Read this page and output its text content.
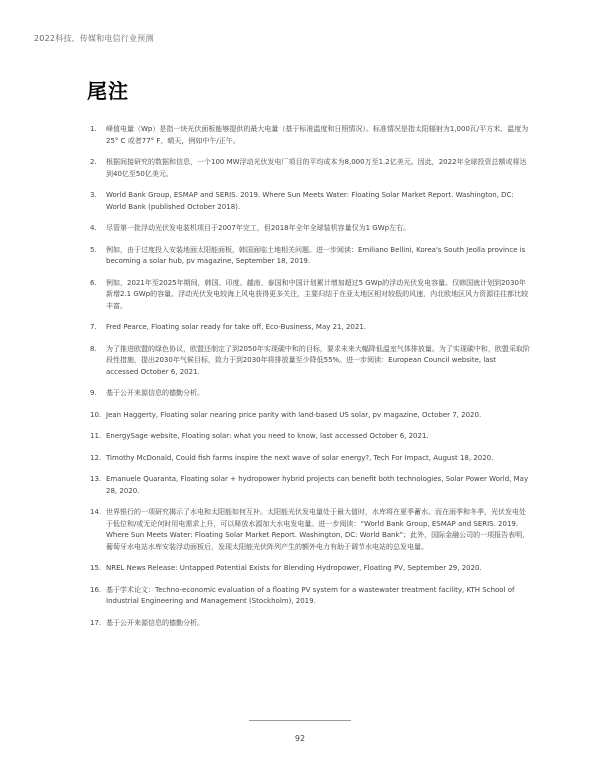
2022科技、传媒和电信行业预测
尾注
1.	峰值电量（Wp）是指一块光伏面板能够提供的最大电量（基于标准温度和日照情况）。标准情况是指太阳辐射为1,000瓦/平方米、温度为25° C 或者77° F、晴天，例如中午/正午。
2.	根据间接研究的数据和信息，一个100 MW浮动光伏发电厂项目的平均成本为8,000万至1.2亿美元。因此，2022年全球投资总额或将达到40亿至50亿美元。
3.	World Bank Group, ESMAP and SERIS. 2019. Where Sun Meets Water: Floating Solar Market Report. Washington, DC: World Bank (published October 2018).
4.	尽管第一批浮动光伏发电装机项目于2007年完工，但2018年全年全球装机容量仅为1 GWp左右。
5.	例如，由于过度投入安装地面太阳能面板，韩国面临土地相关问题。进一步阅读：Emiliano Bellini, Korea's South Jeolla province is becoming a solar hub, pv magazine, September 18, 2019.
6.	例如，2021年至2025年期间，韩国、印度、越南、泰国和中国计划累计增加超过5 GWp的浮动光伏发电容量。仅韩国就计划到2030年新增2.1 GWp的容量。浮动光伏发电较海上风电获得更多关注，主要归结于在亚太地区相对较低的风速，内北欧地区风力资源往往都比较丰富。
7.	Fred Pearce, Floating solar ready for take off, Eco-Business, May 21, 2021.
8.	为了推进欧盟的绿色协议，欧盟还制定了到2050年实现碳中和的目标，要求未来大幅降低温室气体排放量。为了实现碳中和，欧盟采取阶段性措施，提出2030年气候目标，致力于到2030年将排放量至少降低55%。进一步阅读：European Council website, last accessed October 6, 2021.
9.	基于公开来源信息的德勤分析。
10. Jean Haggerty, Floating solar nearing price parity with land-based US solar, pv magazine, October 7, 2020.
11. EnergySage website, Floating solar: what you need to know, last accessed October 6, 2021.
12. Timothy McDonald, Could fish farms inspire the next wave of solar energy?, Tech For Impact, August 18, 2020.
13. Emanuele Quaranta, Floating solar + hydropower hybrid projects can benefit both technologies, Solar Power World, May 28, 2020.
14. 世界银行的一项研究揭示了水电和太阳能如何互补。太阳能光伏发电量处于最大值时，水库将在夏季蓄水。而在雨季和冬季，光伏发电处于低位和/或无论何时用电需求上升，可以释放水源加大水电发电量。进一步阅读：“World Bank Group, ESMAP and SERIS. 2019. Where Sun Meets Water: Floating Solar Market Report. Washington, DC: World Bank”；此外，国际金融公司的一项报告表明，葡萄牙水电站水库安装浮动面板后，发现太阳能光伏阵列产生的额外电力有助于调节水电站的总发电量。
15. NREL News Release: Untapped Potential Exists for Blending Hydropower, Floating PV, September 29, 2020.
16. 基于学术论文：Techno-economic evaluation of a floating PV system for a wastewater treatment facility, KTH School of Industrial Engineering and Management (Stockholm), 2019.
17. 基于公开来源信息的德勤分析。
92
